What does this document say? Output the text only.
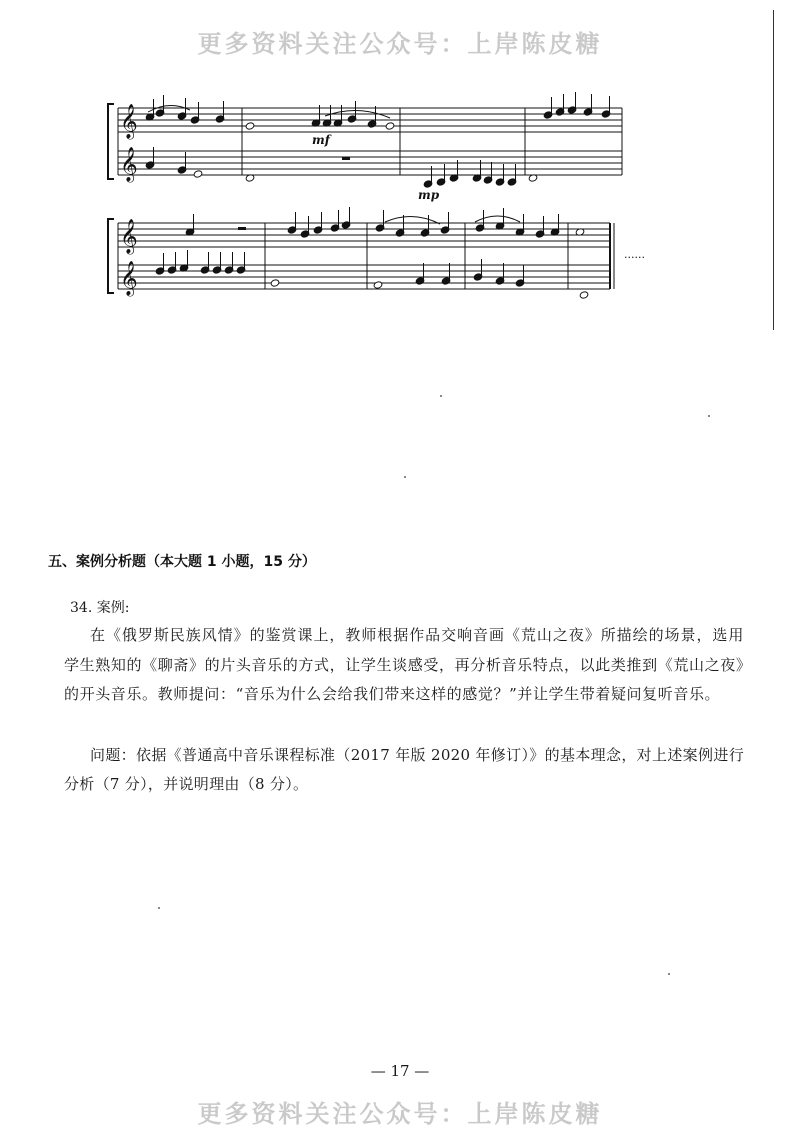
更多资料关注公众号：上岸陈皮糖
𝄞
𝄞
𝄞
𝄞
mf
mp
......
五、案例分析题（本大题 1 小题，15 分）
34. 案例:

在《俄罗斯民族风情》的鉴赏课上，教师根据作品交响音画《荒山之夜》所描绘的场景，选用学生熟知的《聊斋》的片头音乐的方式，让学生谈感受，再分析音乐特点，以此类推到《荒山之夜》的开头音乐。教师提问：“音乐为什么会给我们带来这样的感觉？”并让学生带着疑问复听音乐。

问题：依据《普通高中音乐课程标准（2017 年版 2020 年修订）》的基本理念，对上述案例进行分析（7 分），并说明理由（8 分）。

— 17 —
更多资料关注公众号：上岸陈皮糖
